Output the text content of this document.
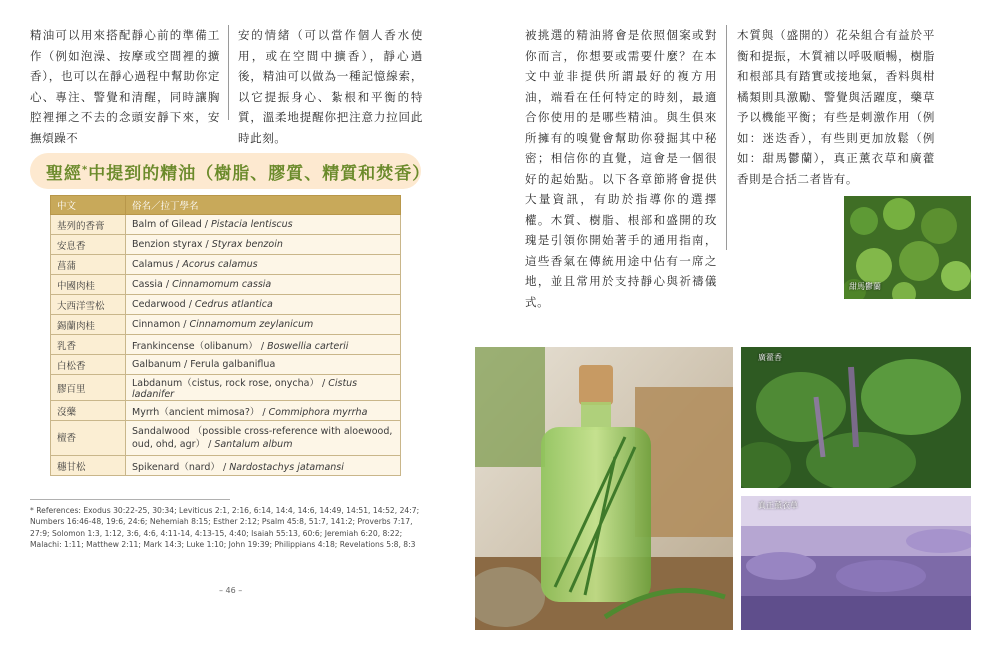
精油可以用來搭配靜心前的準備工作（例如泡澡、按摩或空間裡的擴香），也可以在靜心過程中幫助你定心、專注、警覺和清醒，同時讓胸腔裡揮之不去的念頭安靜下來，安撫煩躁不
安的情緒（可以當作個人香水使用，或在空間中擴香），靜心過後，精油可以做為一種記憶線索，以它提振身心、紮根和平衡的特質，溫柔地提醒你把注意力拉回此時此刻。
聖經*中提到的精油（樹脂、膠質、精質和焚香）
中文	俗名／拉丁學名
基列的香膏	Balm of Gilead / Pistacia lentiscus
安息香	Benzion styrax / Styrax benzoin
菖蒲	Calamus / Acorus calamus
中國肉桂	Cassia / Cinnamomum cassia
大西洋雪松	Cedarwood / Cedrus atlantica
錫蘭肉桂	Cinnamon / Cinnamomum zeylanicum
乳香	Frankincense（olibanum） / Boswellia carterii
白松香	Galbanum / Ferula galbaniflua
膠百里	Labdanum（cistus, rock rose, onycha） / Cistus ladanifer
沒藥	Myrrh（ancient mimosa?） / Commiphora myrrha
檀香	Sandalwood （possible cross-reference with aloewood, oud, ohd, agr） / Santalum album
穗甘松	Spikenard（nard） / Nardostachys jatamansi
* References: Exodus 30:22-25, 30:34; Leviticus 2:1, 2:16, 6:14, 14:4, 14:6, 14:49, 14:51, 14:52, 24:7; Numbers 16:46-48, 19:6, 24:6; Nehemiah 8:15; Esther 2:12; Psalm 45:8, 51:7, 141:2; Proverbs 7:17, 27:9; Solomon 1:3, 1:12, 3:6, 4:6, 4:11-14, 4:13-15, 4:40; Isaiah 55:13, 60:6; Jeremiah 6:20, 8:22; Malachi: 1:11; Matthew 2:11; Mark 14:3; Luke 1:10; John 19:39; Philippians 4:18; Revelations 5:8, 8:3
– 46 –
被挑選的精油將會是依照個案或對你而言，你想要或需要什麼？在本文中並非提供所謂最好的複方用油，端看在任何特定的時刻，最適合你使用的是哪些精油。與生俱來所擁有的嗅覺會幫助你發掘其中秘密；相信你的直覺，這會是一個很好的起始點。以下各章節將會提供大量資訊，有助於指導你的選擇權。木質、樹脂、根部和盛開的玫瑰是引領你開始著手的通用指南，這些香氣在傳統用途中佔有一席之地，並且常用於支持靜心與祈禱儀式。
木質與（盛開的）花朵組合有益於平衡和提振，木質補以呼吸順暢，樹脂和根部具有踏實或接地氣，香料與柑橘類則具激勵、警覺與活躍度，藥草予以機能平衡；有些是刺激作用（例如：迷迭香），有些則更加放鬆（例如：甜馬鬱蘭），真正薰衣草和廣藿香則是合括二者皆有。
甜馬鬱蘭
廣藿香
真正薰衣草
